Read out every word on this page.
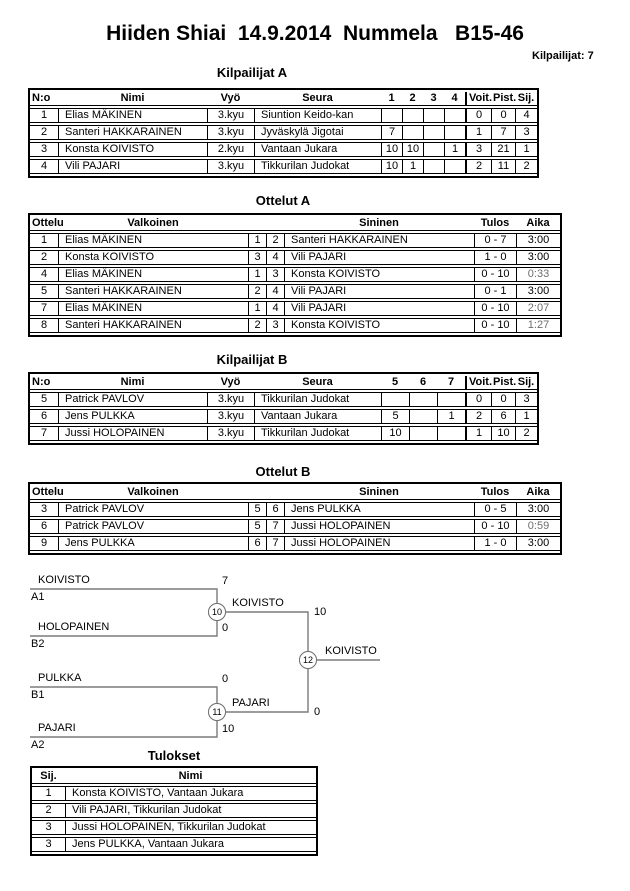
Hiiden Shiai  14.9.2014  Nummela   B15-46
Kilpailijat: 7
Kilpailijat A
N:o	Nimi	Vyö	Seura	1	2	3	4	Voit.	Pist.	Sij.
1	Elias MÄKINEN	3.kyu	Siuntion Keido-kan					0	0	4
2	Santeri HAKKARAINEN	3.kyu	Jyväskylä Jigotai	7				1	7	3
3	Konsta KOIVISTO	2.kyu	Vantaan Jukara	10	10		1	3	21	1
4	Vili PAJARI	3.kyu	Tikkurilan Judokat	10	1			2	11	2
Ottelut A
Ottelu	Valkoinen			Sininen	Tulos	Aika
1	Elias MÄKINEN	1	2	Santeri HAKKARAINEN	0 - 7	3:00
2	Konsta KOIVISTO	3	4	Vili PAJARI	1 - 0	3:00
4	Elias MÄKINEN	1	3	Konsta KOIVISTO	0 - 10	0:33
5	Santeri HAKKARAINEN	2	4	Vili PAJARI	0 - 1	3:00
7	Elias MÄKINEN	1	4	Vili PAJARI	0 - 10	2:07
8	Santeri HAKKARAINEN	2	3	Konsta KOIVISTO	0 - 10	1:27
Kilpailijat B
N:o	Nimi	Vyö	Seura	5	6	7	Voit.	Pist.	Sij.
5	Patrick PAVLOV	3.kyu	Tikkurilan Judokat				0	0	3
6	Jens PULKKA	3.kyu	Vantaan Jukara	5		1	2	6	1
7	Jussi HOLOPAINEN	3.kyu	Tikkurilan Judokat	10			1	10	2
Ottelut B
Ottelu	Valkoinen			Sininen	Tulos	Aika
3	Patrick PAVLOV	5	6	Jens PULKKA	0 - 5	3:00
6	Patrick PAVLOV	5	7	Jussi HOLOPAINEN	0 - 10	0:59
9	Jens PULKKA	6	7	Jussi HOLOPAINEN	1 - 0	3:00
KOIVISTO
A1
7
HOLOPAINEN
B2
0
PULKKA
B1
0
PAJARI
A2
10
10
KOIVISTO
10
11
PAJARI
0
12
KOIVISTO
Tulokset
Sij.	Nimi
1	Konsta KOIVISTO, Vantaan Jukara
2	Vili PAJARI, Tikkurilan Judokat
3	Jussi HOLOPAINEN, Tikkurilan Judokat
3	Jens PULKKA, Vantaan Jukara
